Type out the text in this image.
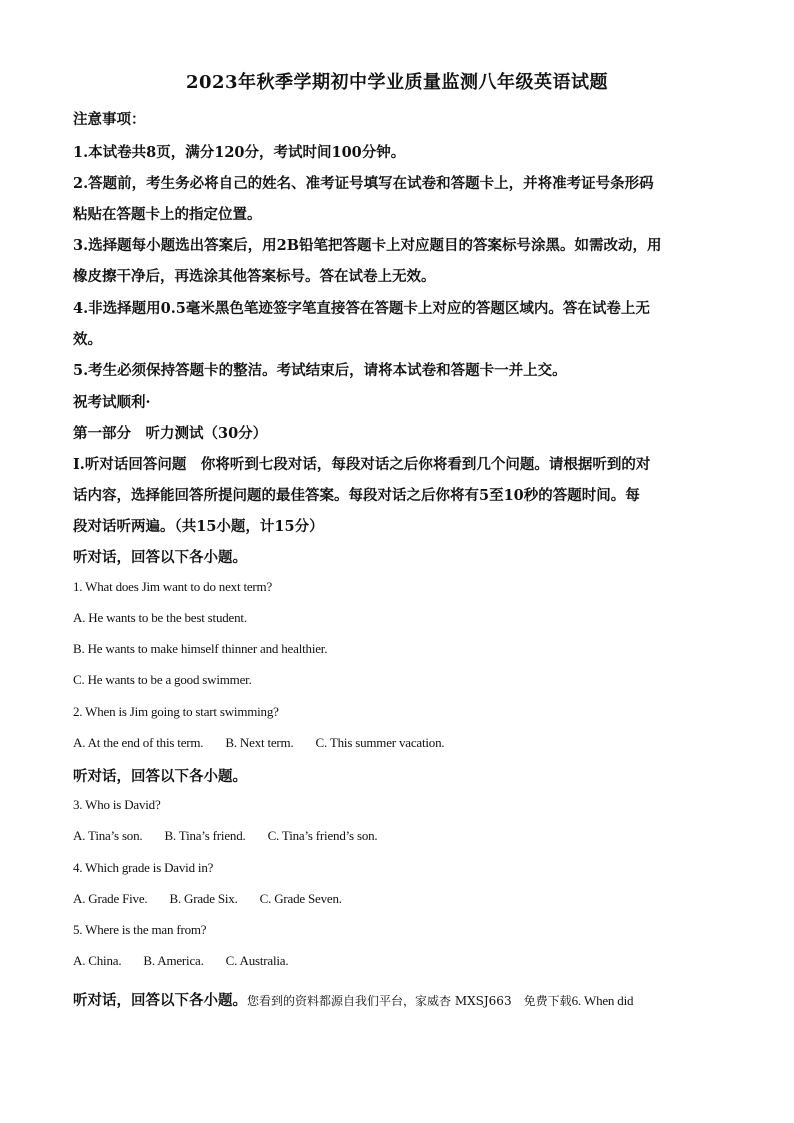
2023年秋季学期初中学业质量监测八年级英语试题
注意事项：
1.本试卷共8页，满分120分，考试时间100分钟。
2.答题前，考生务必将自己的姓名、准考证号填写在试卷和答题卡上，并将准考证号条形码
粘贴在答题卡上的指定位置。
3.选择题每小题选出答案后，用2B铅笔把答题卡上对应题目的答案标号涂黑。如需改动，用
橡皮擦干净后，再选涂其他答案标号。答在试卷上无效。
4.非选择题用0.5毫米黑色笔迹签字笔直接答在答题卡上对应的答题区域内。答在试卷上无
效。
5.考生必须保持答题卡的整洁。考试结束后，请将本试卷和答题卡一并上交。
祝考试顺利·
第一部分　听力测试（30分）
I.听对话回答问题　你将听到七段对话，每段对话之后你将看到几个问题。请根据听到的对
话内容，选择能回答所提问题的最佳答案。每段对话之后你将有5至10秒的答题时间。每
段对话听两遍。（共15小题，计15分）
听对话，回答以下各小题。
1. What does Jim want to do next term?
A. He wants to be the best student.
B. He wants to make himself thinner and healthier.
C. He wants to be a good swimmer.
2. When is Jim going to start swimming?
A. At the end of this term. B. Next term. C. This summer vacation.
听对话，回答以下各小题。
3. Who is David?
A. Tina’s son. B. Tina’s friend. C. Tina’s friend’s son.
4. Which grade is David in?
A. Grade Five. B. Grade Six. C. Grade Seven.
5. Where is the man from?
A. China. B. America. C. Australia.
听对话，回答以下各小题。您看到的资料都源自我们平台，家威杏 MXSJ663　免费下载6. When did
